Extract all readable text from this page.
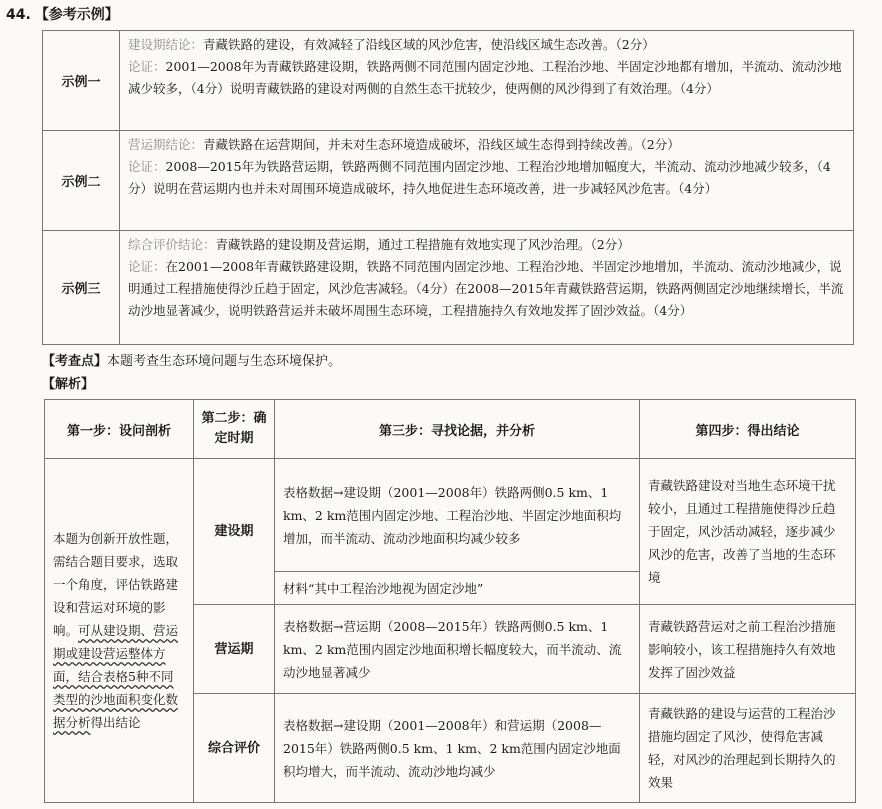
44. 【参考示例】
示例一	建设期结论：青藏铁路的建设，有效减轻了沿线区域的风沙危害，使沿线区域生态改善。（2分）
论证：2001—2008年为青藏铁路建设期，铁路两侧不同范围内固定沙地、工程治沙地、半固定沙地都有增加，半流动、流动沙地减少较多，（4分）说明青藏铁路的建设对两侧的自然生态干扰较少，使两侧的风沙得到了有效治理。（4分）

示例二	营运期结论：青藏铁路在运营期间，并未对生态环境造成破坏，沿线区域生态得到持续改善。（2分）
论证：2008—2015年为铁路营运期，铁路两侧不同范围内固定沙地、工程治沙地增加幅度大，半流动、流动沙地减少较多，（4分）说明在营运期内也并未对周围环境造成破坏，持久地促进生态环境改善，进一步减轻风沙危害。（4分）

示例三	综合评价结论：青藏铁路的建设期及营运期，通过工程措施有效地实现了风沙治理。（2分）
论证：在2001—2008年青藏铁路建设期，铁路不同范围内固定沙地、工程治沙地、半固定沙地增加，半流动、流动沙地减少，说明通过工程措施使得沙丘趋于固定，风沙危害减轻。（4分）在2008—2015年青藏铁路营运期，铁路两侧固定沙地继续增长，半流动沙地显著减少，说明铁路营运并未破坏周围生态环境，工程措施持久有效地发挥了固沙效益。（4分）
【考查点】本题考查生态环境问题与生态环境保护。
【解析】
第一步：设问剖析	第二步：确定时期	第三步：寻找论据，并分析	第四步：得出结论
本题为创新开放性题，需结合题目要求，选取一个角度，评估铁路建设和营运对环境的影响。可从建设期、营运期或建设营运整体方面，结合表格5种不同类型的沙地面积变化数据分析得出结论	建设期	表格数据→建设期（2001—2008年）铁路两侧0.5 km、1 km、2 km范围内固定沙地、工程治沙地、半固定沙地面积均增加，而半流动、流动沙地面积均减少较多	青藏铁路建设对当地生态环境干扰较小，且通过工程措施使得沙丘趋于固定，风沙活动减轻，逐步减少风沙的危害，改善了当地的生态环境
		材料“其中工程治沙地视为固定沙地”	
	营运期	表格数据→营运期（2008—2015年）铁路两侧0.5 km、1 km、2 km范围内固定沙地面积增长幅度较大，而半流动、流动沙地显著减少	青藏铁路营运对之前工程治沙措施影响较小，该工程措施持久有效地发挥了固沙效益
	综合评价	表格数据→建设期（2001—2008年）和营运期（2008—2015年）铁路两侧0.5 km、1 km、2 km范围内固定沙地面积均增大，而半流动、流动沙地均减少	青藏铁路的建设与运营的工程治沙措施均固定了风沙，使得危害减轻，对风沙的治理起到长期持久的效果
